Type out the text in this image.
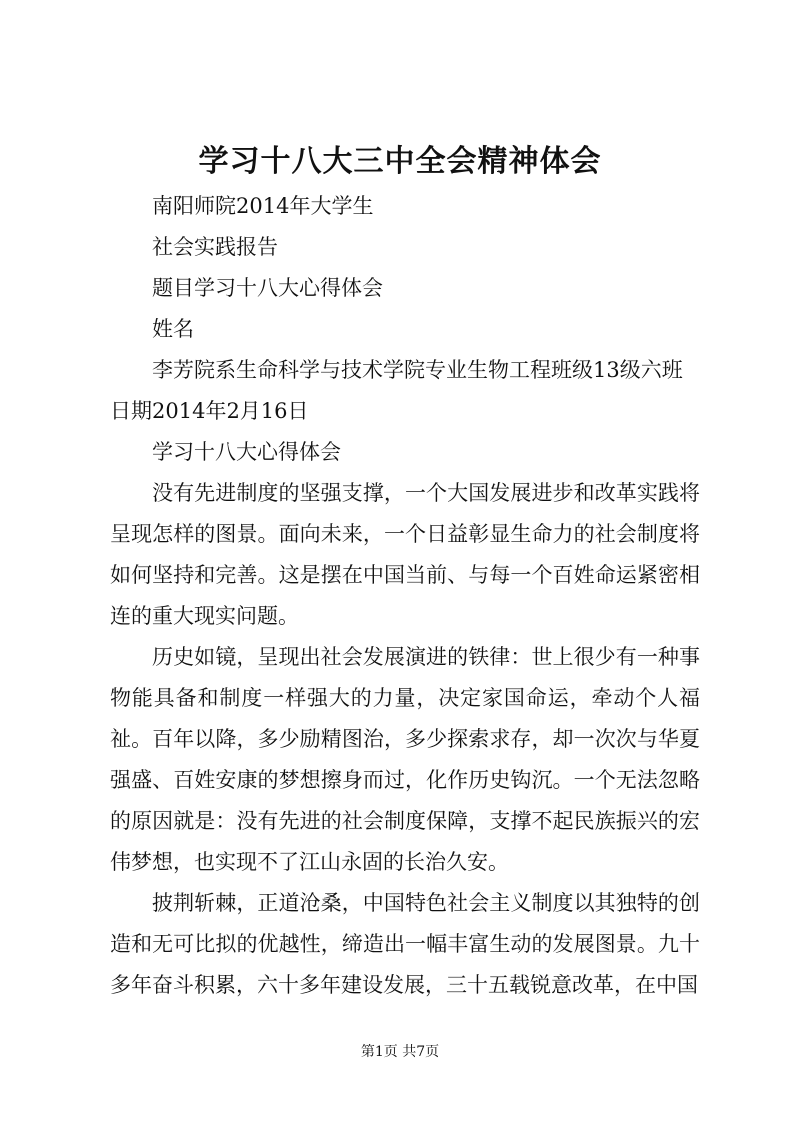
学习十八大三中全会精神体会

南阳师院2014年大学生

社会实践报告

题目学习十八大心得体会

姓名

李芳院系生命科学与技术学院专业生物工程班级13级六班

日期2014年2月16日

学习十八大心得体会

没有先进制度的坚强支撑，一个大国发展进步和改革实践将呈现怎样的图景。面向未来，一个日益彰显生命力的社会制度将如何坚持和完善。这是摆在中国当前、与每一个百姓命运紧密相连的重大现实问题。

历史如镜，呈现出社会发展演进的铁律：世上很少有一种事物能具备和制度一样强大的力量，决定家国命运，牵动个人福祉。百年以降，多少励精图治，多少探索求存，却一次次与华夏强盛、百姓安康的梦想擦身而过，化作历史钩沉。一个无法忽略的原因就是：没有先进的社会制度保障，支撑不起民族振兴的宏伟梦想，也实现不了江山永固的长治久安。

披荆斩棘，正道沧桑，中国特色社会主义制度以其独特的创造和无可比拟的优越性，缔造出一幅丰富生动的发展图景。九十多年奋斗积累，六十多年建设发展，三十五载锐意改革，在中国

第1页 共7页
